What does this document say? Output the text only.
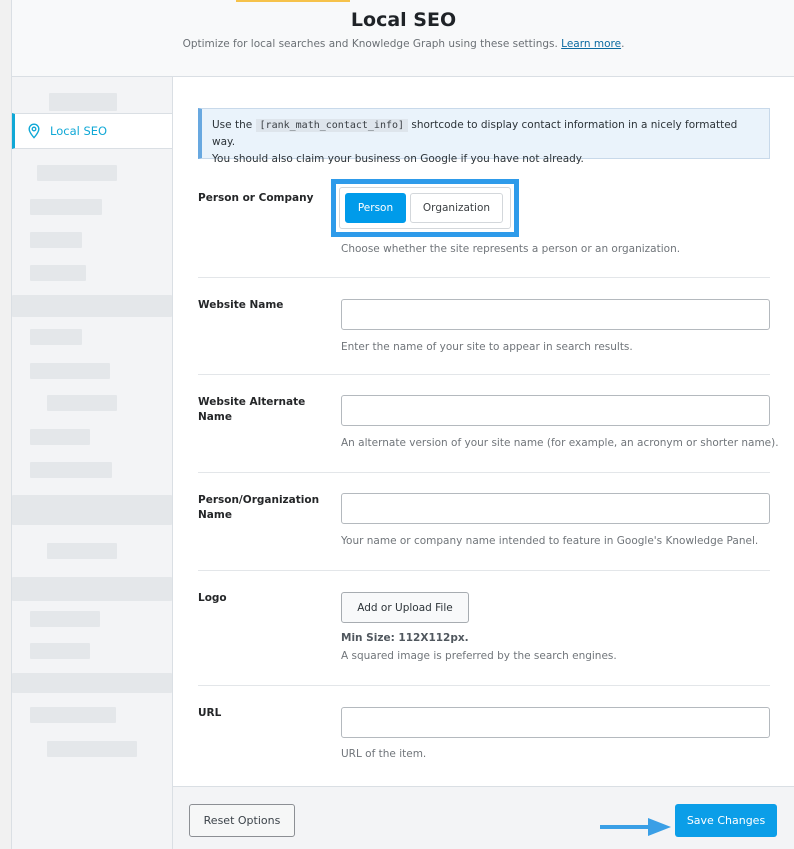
Local SEO
Optimize for local searches and Knowledge Graph using these settings. Learn more.
Local SEO	Use the [rank_math_contact_info] shortcode to display contact information in a nicely formatted way.
You should also claim your business on Google if you have not already.
Person or Company
Person	Organization
Choose whether the site represents a person or an organization.
Website Name
Enter the name of your site to appear in search results.
Website Alternate Name
An alternate version of your site name (for example, an acronym or shorter name).
Person/Organization Name
Your name or company name intended to feature in Google's Knowledge Panel.
Logo
Add or Upload File
Min Size: 112X112px.
A squared image is preferred by the search engines.
URL
URL of the item.
Reset Options	Save Changes
